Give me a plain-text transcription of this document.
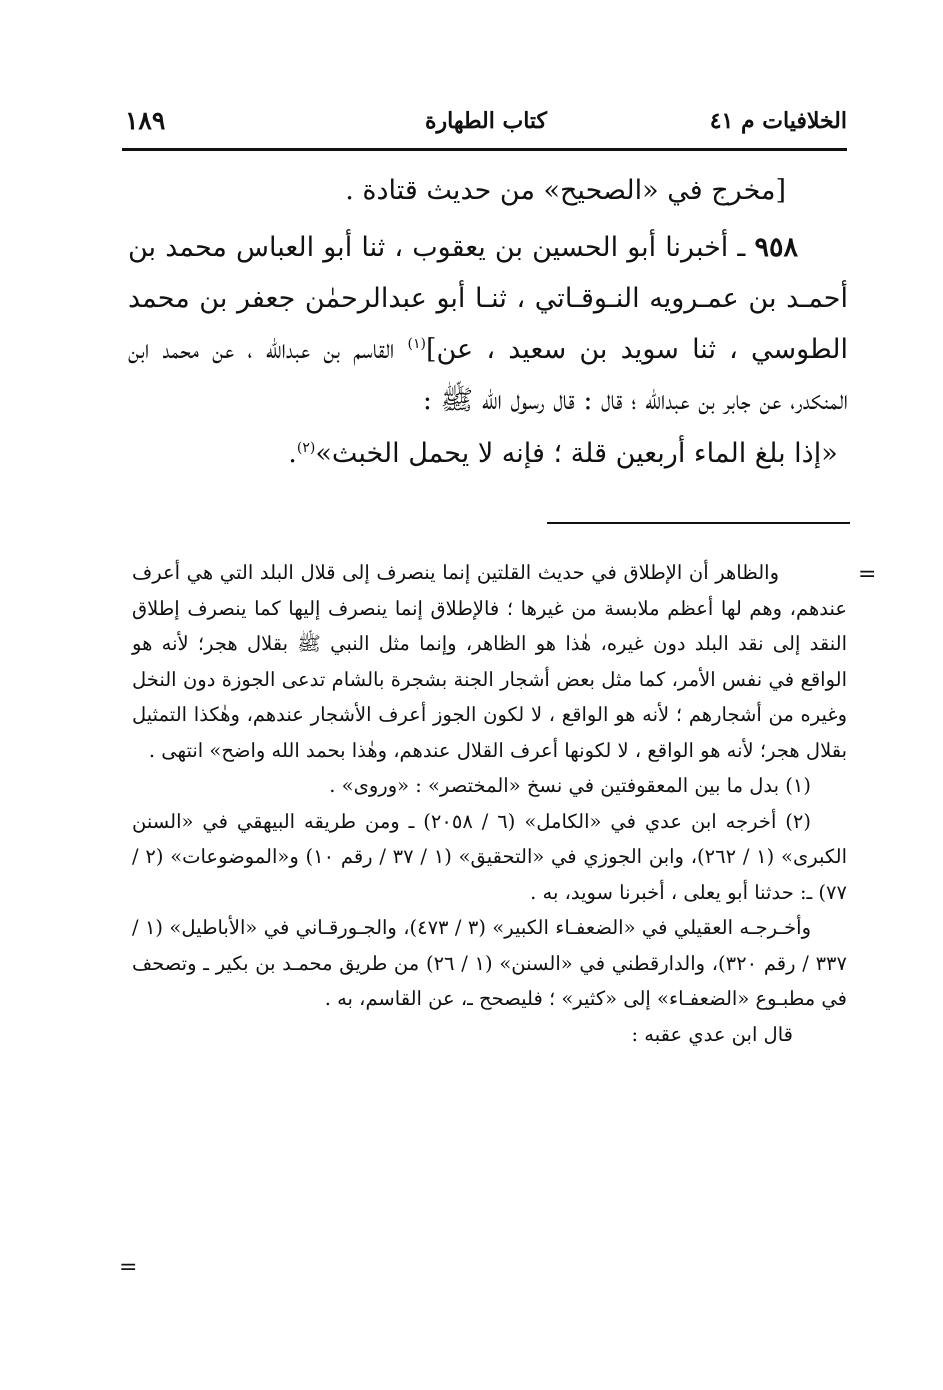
الخلافيات م ٤١
كتاب الطهارة
١٨٩

[مخرج في «الصحيح» من حديث قتادة .

٩٥٨ ـ أخبرنا أبو الحسين بن يعقوب ، ثنا أبو العباس محمد بن أحمـد بن عمـرويه النـوقـاتي ، ثنـا أبو عبدالرحمٰن جعفر بن محمد الطوسي ، ثنا سويد بن سعيد ، عن]$^{(١)}$ القاسم بن عبدالله ، عن محمد ابن المنكدر، عن جابر بن عبدالله ؛ قال : قال رسول الله ﷺ :

«إذا بلغ الماء أربعين قلة ؛ فإنه لا يحمل الخبث»$^{(٢)}$.

=

والظاهر أن الإطلاق في حديث القلتين إنما ينصرف إلى قلال البلد التي هي أعرف عندهم، وهم لها أعظم ملابسة من غيرها ؛ فالإطلاق إنما ينصرف إليها كما ينصرف إطلاق النقد إلى نقد البلد دون غيره، هٰذا هو الظاهر، وإنما مثل النبي ﷺ بقلال هجر؛ لأنه هو الواقع في نفس الأمر، كما مثل بعض أشجار الجنة بشجرة بالشام تدعى الجوزة دون النخل وغيره من أشجارهم ؛ لأنه هو الواقع ، لا لكون الجوز أعرف الأشجار عندهم، وهٰكذا التمثيل بقلال هجر؛ لأنه هو الواقع ، لا لكونها أعرف القلال عندهم، وهٰذا بحمد الله واضح» انتهى .

(١) بدل ما بين المعقوفتين في نسخ «المختصر» : «وروى» .

(٢) أخرجه ابن عدي في «الكامل» (٦ / ٢٠٥٨) ـ ومن طريقه البيهقي في «السنن الكبرى» (١ / ٢٦٢)، وابن الجوزي في «التحقيق» (١ / ٣٧ / رقم ١٠) و«الموضوعات» (٢ / ٧٧) ـ: حدثنا أبو يعلى ، أخبرنا سويد، به .

وأخـرجـه العقيلي في «الضعفـاء الكبير» (٣ / ٤٧٣)، والجـورقـاني في «الأباطيل» (١ / ٣٣٧ / رقم ٣٢٠)، والدارقطني في «السنن» (١ / ٢٦) من طريق محمـد بن بكير ـ وتصحف في مطبـوع «الضعفـاء» إلى «كثير» ؛ فليصحح ـ، عن القاسم، به .

قال ابن عدي عقبه :

=
